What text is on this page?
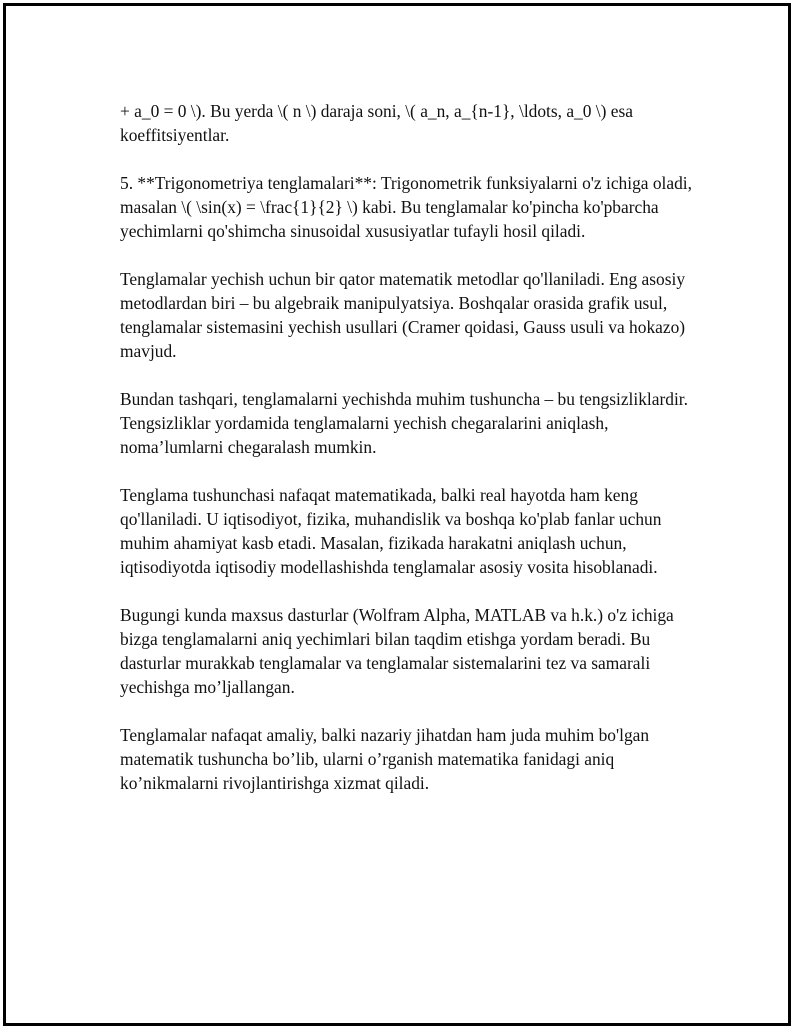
+ a_0 = 0 \). Bu yerda \( n \) daraja soni, \( a_n, a_{n-1}, \ldots, a_0 \) esa koeffitsiyentlar.

5. **Trigonometriya tenglamalari**: Trigonometrik funksiyalarni o'z ichiga oladi, masalan \( \sin(x) = \frac{1}{2} \) kabi. Bu tenglamalar ko'pincha ko'pbarcha yechimlarni qo'shimcha sinusoidal xususiyatlar tufayli hosil qiladi.

Tenglamalar yechish uchun bir qator matematik metodlar qo'llaniladi. Eng asosiy metodlardan biri – bu algebraik manipulyatsiya. Boshqalar orasida grafik usul, tenglamalar sistemasini yechish usullari (Cramer qoidasi, Gauss usuli va hokazo) mavjud.

Bundan tashqari, tenglamalarni yechishda muhim tushuncha – bu tengsizliklardir. Tengsizliklar yordamida tenglamalarni yechish chegaralarini aniqlash, noma’lumlarni chegaralash mumkin.

Tenglama tushunchasi nafaqat matematikada, balki real hayotda ham keng qo'llaniladi. U iqtisodiyot, fizika, muhandislik va boshqa ko'plab fanlar uchun muhim ahamiyat kasb etadi. Masalan, fizikada harakatni aniqlash uchun, iqtisodiyotda iqtisodiy modellashishda tenglamalar asosiy vosita hisoblanadi.

Bugungi kunda maxsus dasturlar (Wolfram Alpha, MATLAB va h.k.) o'z ichiga bizga tenglamalarni aniq yechimlari bilan taqdim etishga yordam beradi. Bu dasturlar murakkab tenglamalar va tenglamalar sistemalarini tez va samarali yechishga mo’ljallangan.

Tenglamalar nafaqat amaliy, balki nazariy jihatdan ham juda muhim bo'lgan matematik tushuncha bo’lib, ularni o’rganish matematika fanidagi aniq ko’nikmalarni rivojlantirishga xizmat qiladi.
